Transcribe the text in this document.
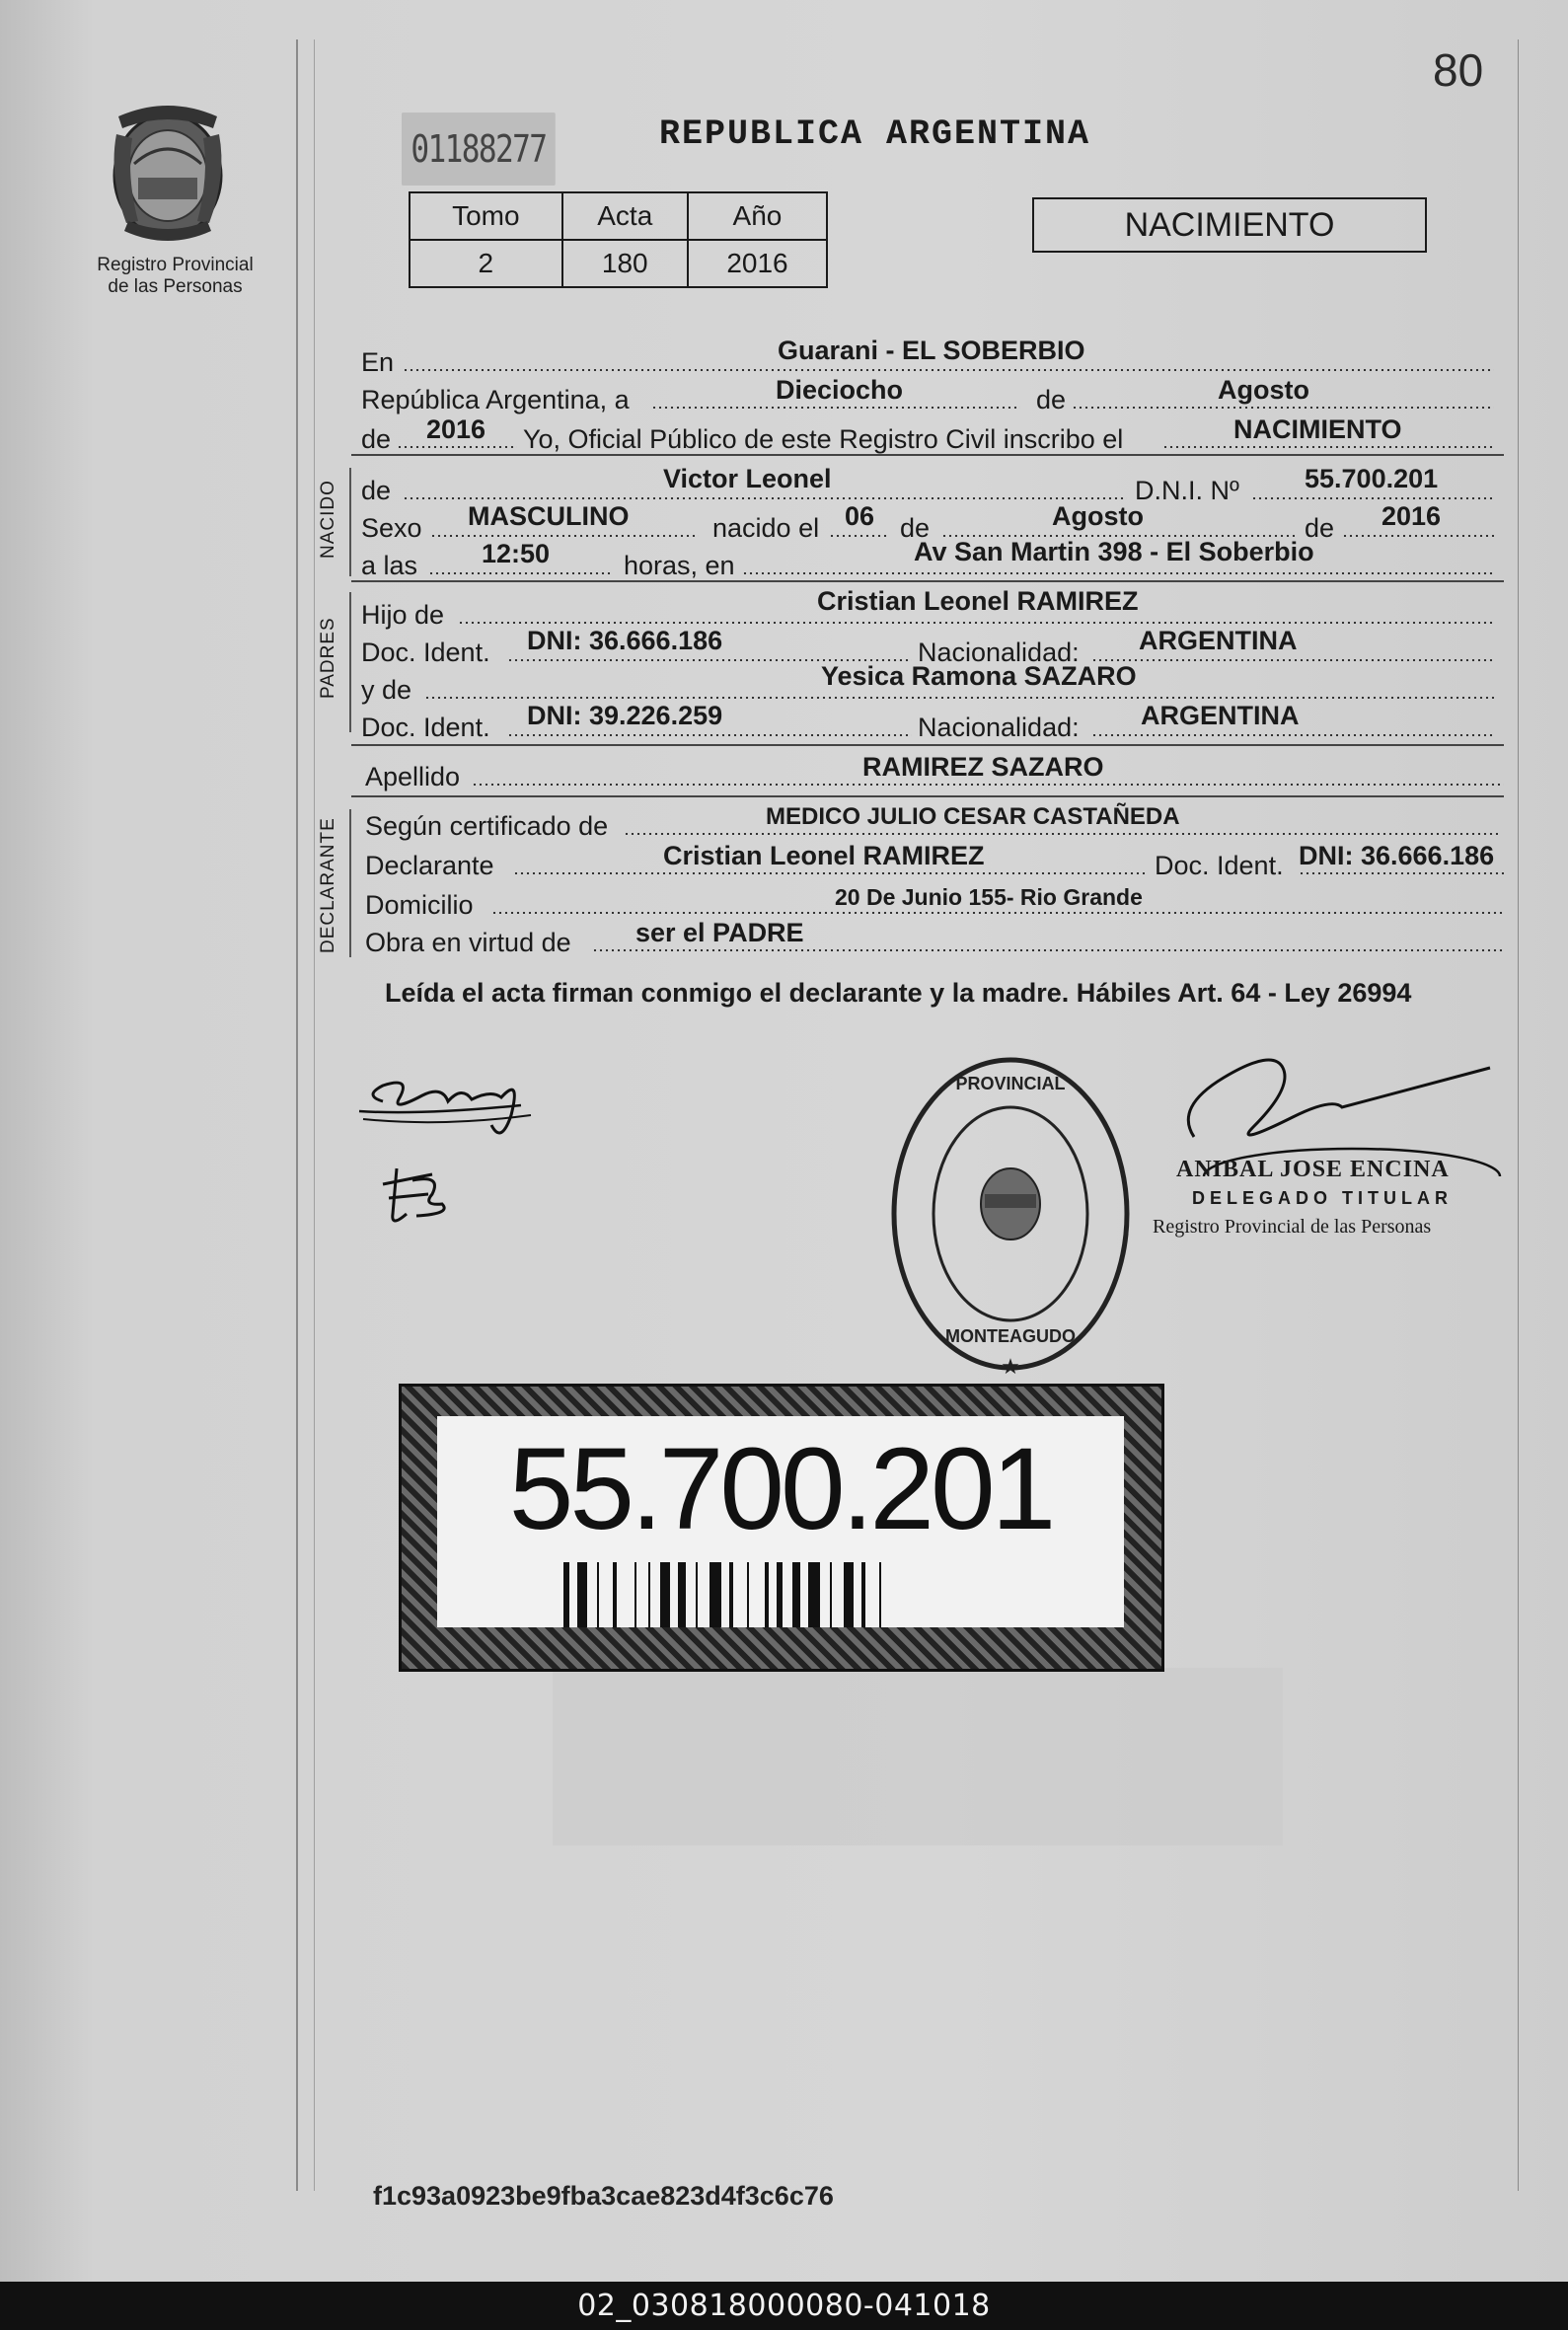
80
Registro Provincial
de las Personas
01188277	REPUBLICA ARGENTINA
Tomo	Acta	Año
2	180	2016
NACIMIENTO
En	Guarani - EL SOBERBIO
República Argentina, a	Dieciocho	de	Agosto
de 2016 Yo, Oficial Público de este Registro Civil inscribo el	NACIMIENTO
NACIDO de	Victor Leonel	D.N.I. Nº 55.700.201
Sexo MASCULINO	nacido el 06 de	Agosto	de 2016
a las 12:50	horas, en	Av San Martin 398 - El Soberbio
PADRES
Hijo de	Cristian Leonel RAMIREZ
Doc. Ident. DNI: 36.666.186	Nacionalidad: ARGENTINA
y de	Yesica Ramona SAZARO
Doc. Ident. DNI: 39.226.259	Nacionalidad: ARGENTINA
Apellido	RAMIREZ SAZARO
DECLARANTE Según certificado de	MEDICO JULIO CESAR CASTAÑEDA
Declarante	Cristian Leonel RAMIREZ	Doc. Ident. DNI: 36.666.186
Domicilio	20 De Junio 155- Rio Grande
Obra en virtud de ser el PADRE
Leída el acta firman conmigo el declarante y la madre. Hábiles Art. 64 - Ley 26994
PROVINCIAL
MONTEAGUDO
★
ANIBAL JOSE ENCINA
DELEGADO TITULAR
Registro Provincial de las Personas
55.700.201
f1c93a0923be9fba3cae823d4f3c6c76
02_030818000080-041018
